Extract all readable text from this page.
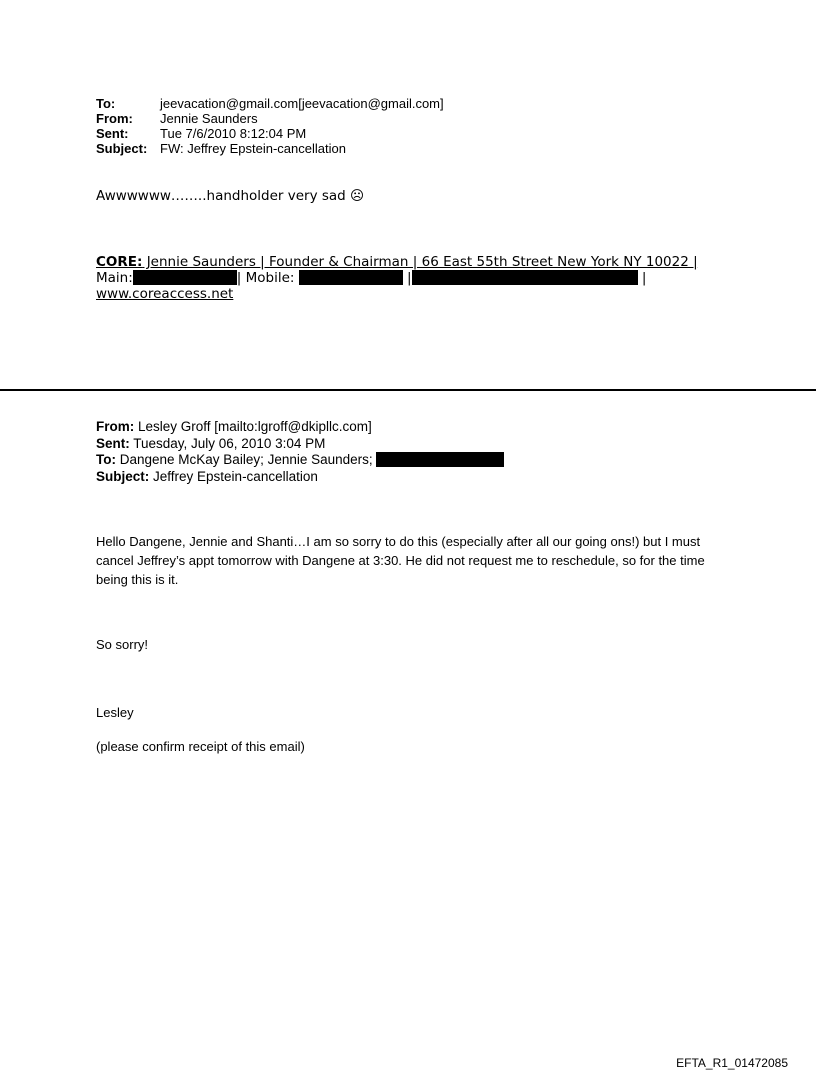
To:	jeevacation@gmail.com[jeevacation@gmail.com]
From:	Jennie Saunders
Sent:	Tue 7/6/2010 8:12:04 PM
Subject: FW: Jeffrey Epstein-cancellation
Awwwwww……..handholder very sad ☹
CORE: Jennie Saunders | Founder & Chairman | 66 East 55th Street New York NY 10022 |
Main:	| Mobile:	|	|
www.coreaccess.net
From: Lesley Groff [mailto:lgroff@dkipllc.com]
Sent: Tuesday, July 06, 2010 3:04 PM
To: Dangene McKay Bailey; Jennie Saunders;
Subject: Jeffrey Epstein-cancellation
Hello Dangene, Jennie and Shanti…I am so sorry to do this (especially after all our going ons!) but I must cancel Jeffrey’s appt tomorrow with Dangene at 3:30. He did not request me to reschedule, so for the time being this is it.
So sorry!
Lesley
(please confirm receipt of this email)
EFTA_R1_01472085
